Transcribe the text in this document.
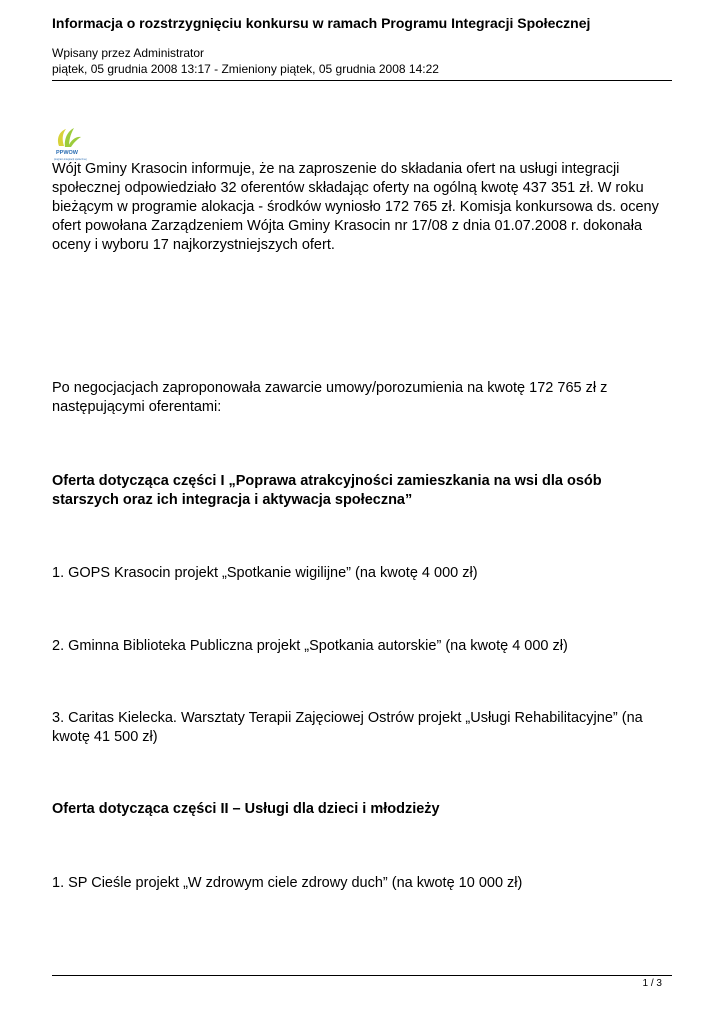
Informacja o rozstrzygnięciu konkursu w ramach Programu Integracji Społecznej
Wpisany przez Administrator
piątek, 05 grudnia 2008 13:17 - Zmieniony piątek, 05 grudnia 2008 14:22
PPWOW
program integracji spolecznej
Wójt Gminy Krasocin informuje, że na zaproszenie do składania ofert na usługi integracji społecznej odpowiedziało 32 oferentów składając oferty na ogólną kwotę 437 351 zł. W roku bieżącym w programie alokacja - środków wyniosło 172 765 zł. Komisja konkursowa ds. oceny ofert powołana Zarządzeniem Wójta Gminy Krasocin nr 17/08 z dnia 01.07.2008 r. dokonała oceny i wyboru 17 najkorzystniejszych ofert.
Po negocjacjach zaproponowała zawarcie umowy/porozumienia na kwotę 172 765 zł z następującymi oferentami:
Oferta dotycząca części I „Poprawa atrakcyjności zamieszkania na wsi dla osób starszych oraz ich integracja i aktywacja społeczna”
1. GOPS Krasocin projekt „Spotkanie wigilijne” (na kwotę 4 000 zł)
2. Gminna Biblioteka Publiczna projekt „Spotkania autorskie” (na kwotę 4 000 zł)
3. Caritas Kielecka. Warsztaty Terapii Zajęciowej Ostrów projekt „Usługi Rehabilitacyjne” (na kwotę 41 500 zł)
Oferta dotycząca części II – Usługi dla dzieci i młodzieży
1. SP Cieśle projekt „W zdrowym ciele zdrowy duch” (na kwotę 10 000 zł)
1 / 3
